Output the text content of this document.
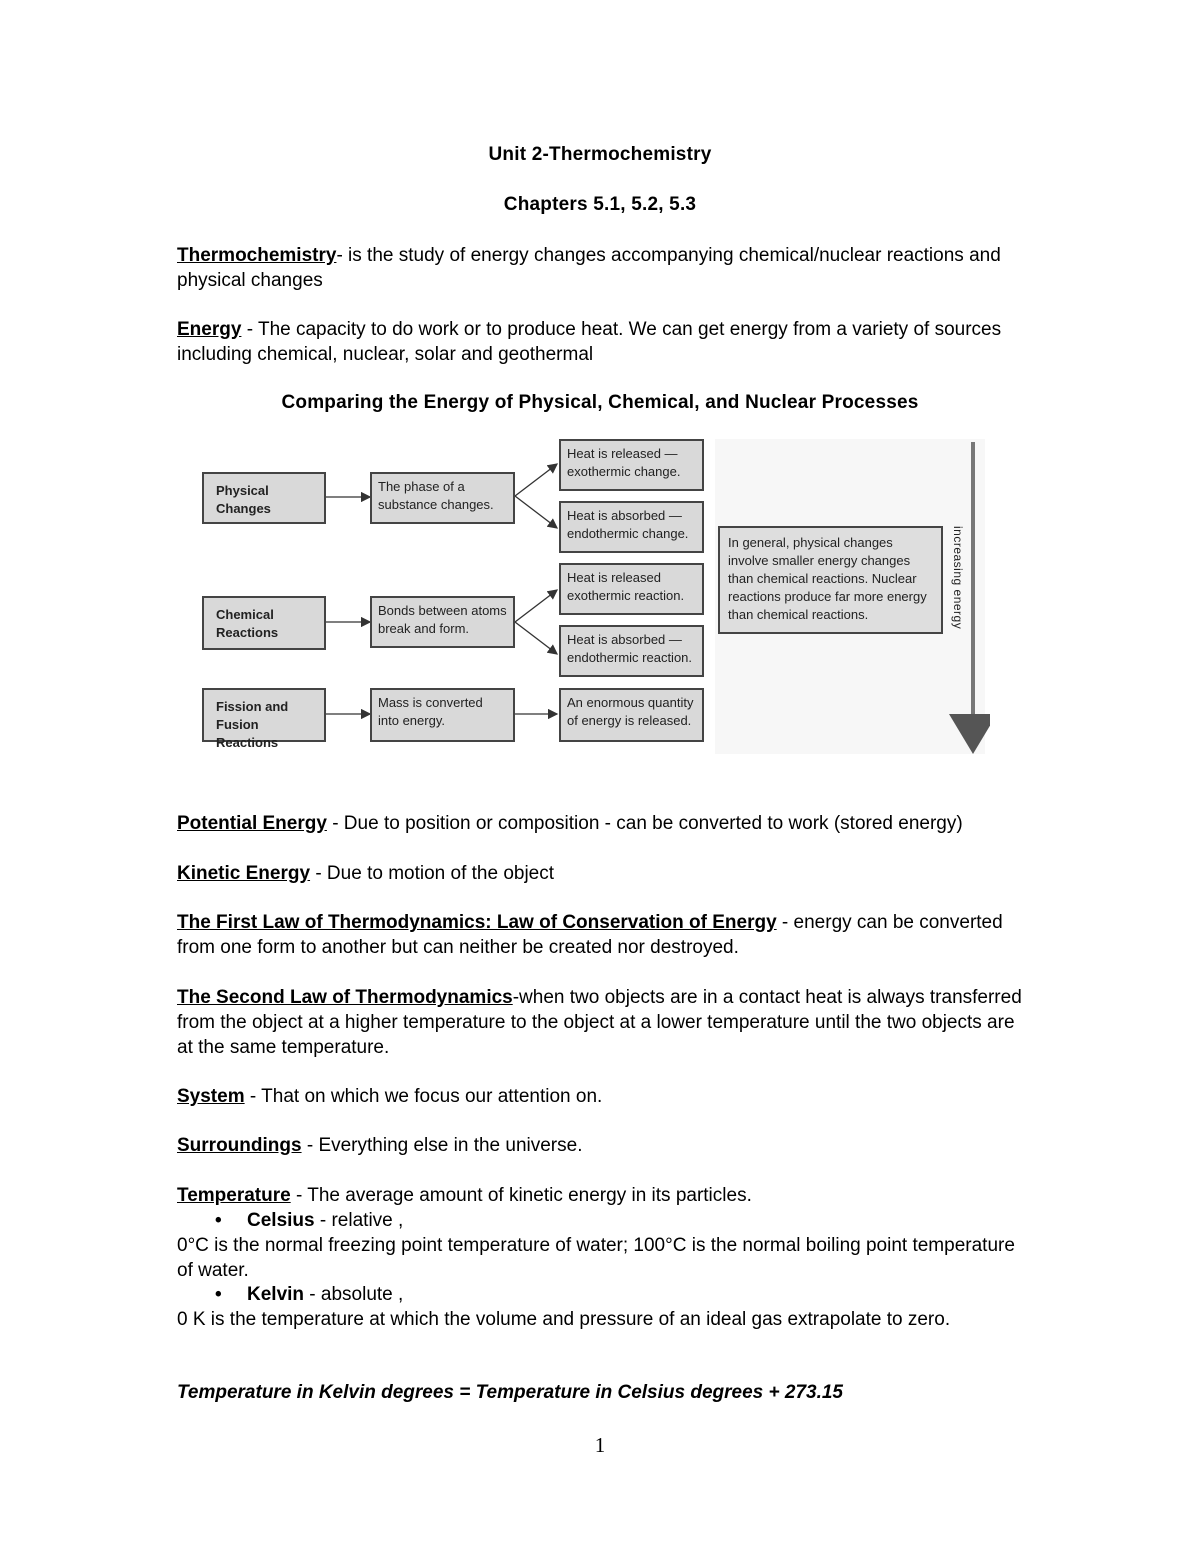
Unit 2-Thermochemistry
Chapters 5.1, 5.2, 5.3

Thermochemistry- is the study of energy changes accompanying chemical/nuclear reactions and physical changes

Energy - The capacity to do work or to produce heat. We can get energy from a variety of sources including chemical, nuclear, solar and geothermal

Comparing the Energy of Physical, Chemical, and Nuclear Processes
Physical Changes
The phase of a substance changes.
Heat is released — exothermic change.
Heat is absorbed — endothermic change.
Chemical Reactions
Bonds between atoms break and form.
Heat is released exothermic reaction.
Heat is absorbed — endothermic reaction.
Fission and Fusion Reactions
Mass is converted into energy.
An enormous quantity of energy is released.
In general, physical changes involve smaller energy changes than chemical reactions. Nuclear reactions produce far more energy than chemical reactions.	increasing energy

Potential Energy - Due to position or composition - can be converted to work (stored energy)

Kinetic Energy - Due to motion of the object

The First Law of Thermodynamics: Law of Conservation of Energy - energy can be converted from one form to another but can neither be created nor destroyed.

The Second Law of Thermodynamics-when two objects are in a contact heat is always transferred from the object at a higher temperature to the object at a lower temperature until the two objects are at the same temperature.

System - That on which we focus our attention on.

Surroundings - Everything else in the universe.

Temperature - The average amount of kinetic energy in its particles.

• Celsius - relative ,

0°C is the normal freezing point temperature of water; 100°C is the normal boiling point temperature of water.

• Kelvin - absolute ,

0 K is the temperature at which the volume and pressure of an ideal gas extrapolate to zero.

Temperature in Kelvin degrees = Temperature in Celsius degrees + 273.15
1
